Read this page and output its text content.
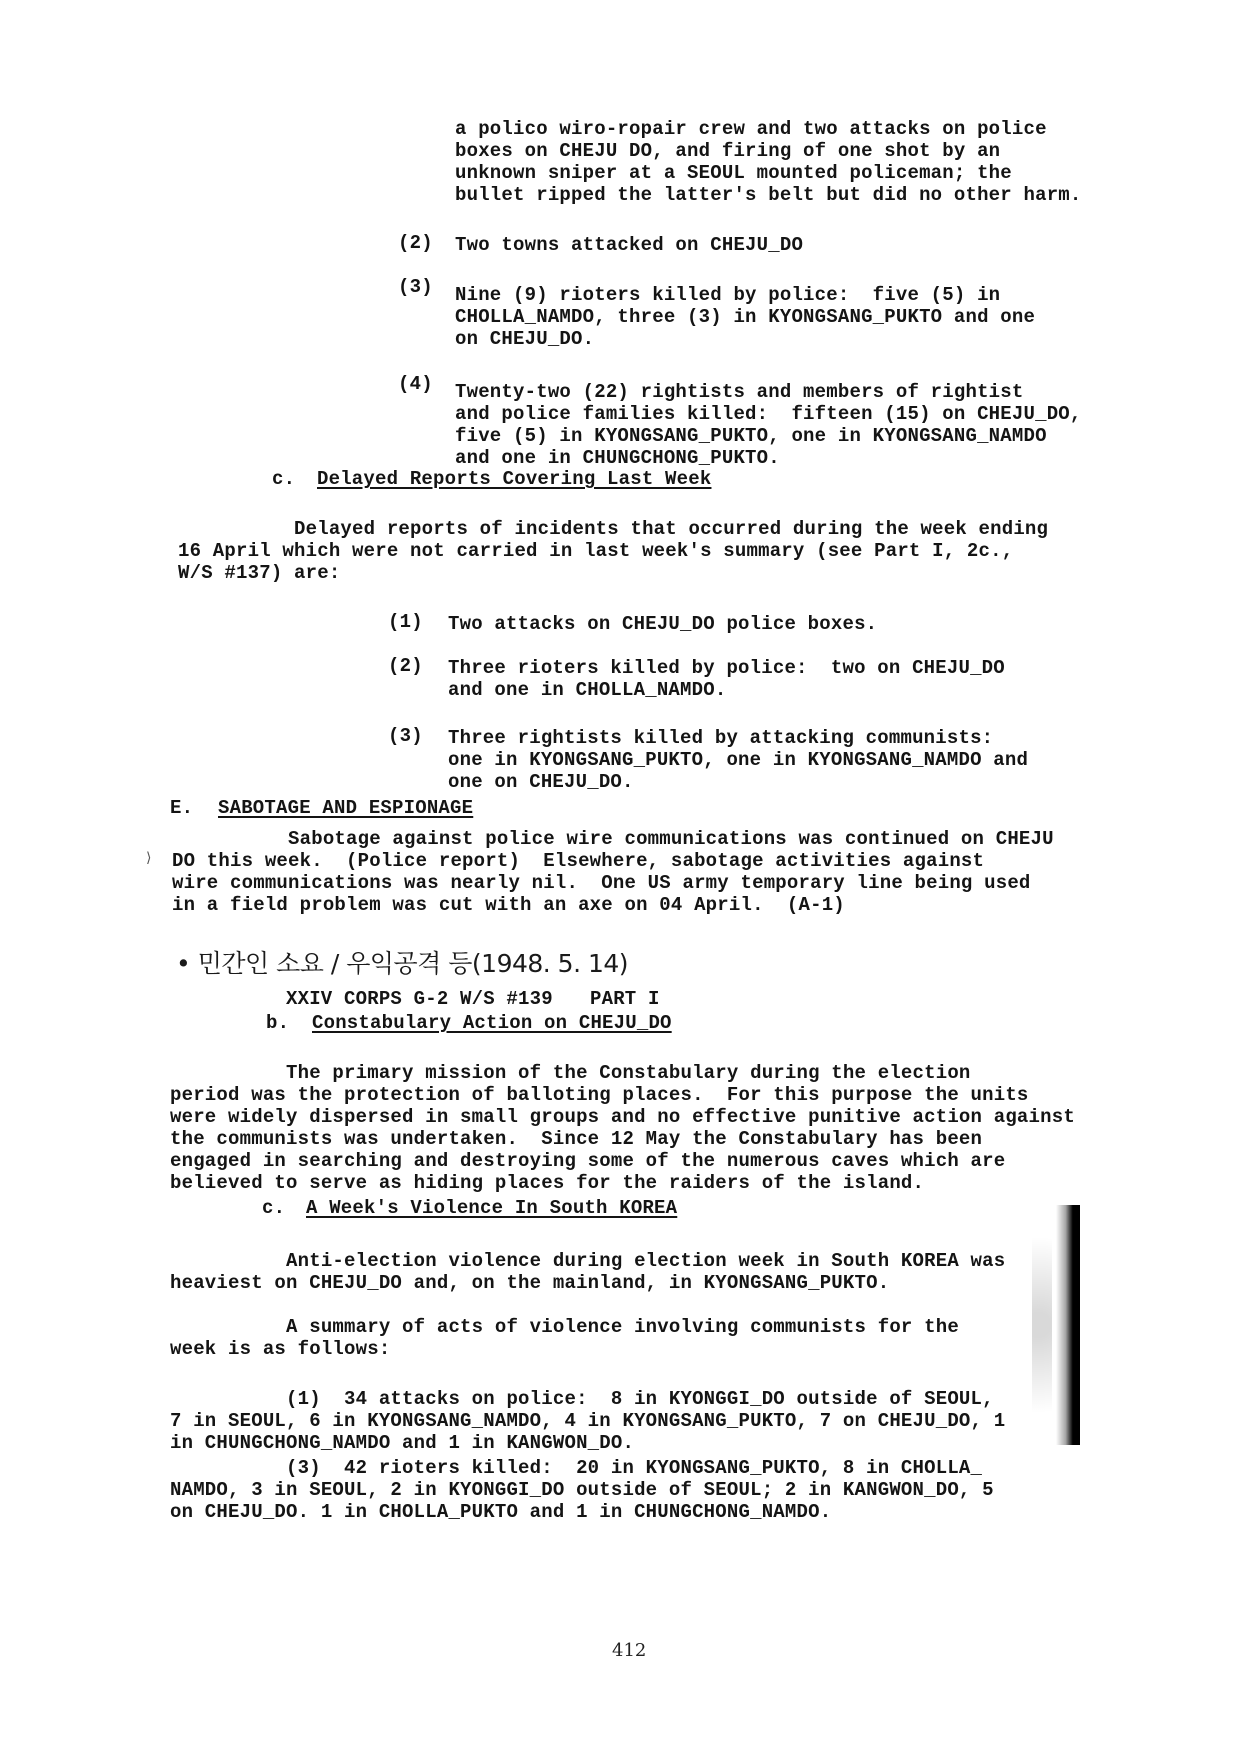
a polico wiro-ropair crew and two attacks on police
boxes on CHEJU DO, and firing of one shot by an
unknown sniper at a SEOUL mounted policeman; the
bullet ripped the latter's belt but did no other harm.
(2) Two towns attacked on CHEJU_DO
(3) Nine (9) rioters killed by police:  five (5) in
CHOLLA_NAMDO, three (3) in KYONGSANG_PUKTO and one
on CHEJU_DO.
(4) Twenty-two (22) rightists and members of rightist
and police families killed:  fifteen (15) on CHEJU_DO,
five (5) in KYONGSANG_PUKTO, one in KYONGSANG_NAMDO
and one in CHUNGCHONG_PUKTO.
c. Delayed Reports Covering Last Week
Delayed reports of incidents that occurred during the week ending
16 April which were not carried in last week's summary (see Part I, 2c.,
W/S #137) are:
(1) Two attacks on CHEJU_DO police boxes.
(2) Three rioters killed by police:  two on CHEJU_DO
and one in CHOLLA_NAMDO.
(3) Three rightists killed by attacking communists:
one in KYONGSANG_PUKTO, one in KYONGSANG_NAMDO and
one on CHEJU_DO.
E. SABOTAGE AND ESPIONAGE
Sabotage against police wire communications was continued on CHEJU
DO this week.  (Police report)  Elsewhere, sabotage activities against
wire communications was nearly nil.  One US army temporary line being used
in a field problem was cut with an axe on 04 April.  (A-1)
⟩
• 민간인 소요 / 우익공격 등(1948. 5. 14)
XXIV CORPS G-2 W/S #139 PART I
b. Constabulary Action on CHEJU_DO
The primary mission of the Constabulary during the election
period was the protection of balloting places.  For this purpose the units
were widely dispersed in small groups and no effective punitive action against
the communists was undertaken.  Since 12 May the Constabulary has been
engaged in searching and destroying some of the numerous caves which are
believed to serve as hiding places for the raiders of the island.
c. A Week's Violence In South KOREA
Anti-election violence during election week in South KOREA was
heaviest on CHEJU_DO and, on the mainland, in KYONGSANG_PUKTO.
A summary of acts of violence involving communists for the
week is as follows:
(1)  34 attacks on police:  8 in KYONGGI_DO outside of SEOUL,
7 in SEOUL, 6 in KYONGSANG_NAMDO, 4 in KYONGSANG_PUKTO, 7 on CHEJU_DO, 1
in CHUNGCHONG_NAMDO and 1 in KANGWON_DO.
(3)  42 rioters killed:  20 in KYONGSANG_PUKTO, 8 in CHOLLA_
NAMDO, 3 in SEOUL, 2 in KYONGGI_DO outside of SEOUL; 2 in KANGWON_DO, 5
on CHEJU_DO. 1 in CHOLLA_PUKTO and 1 in CHUNGCHONG_NAMDO.
412
